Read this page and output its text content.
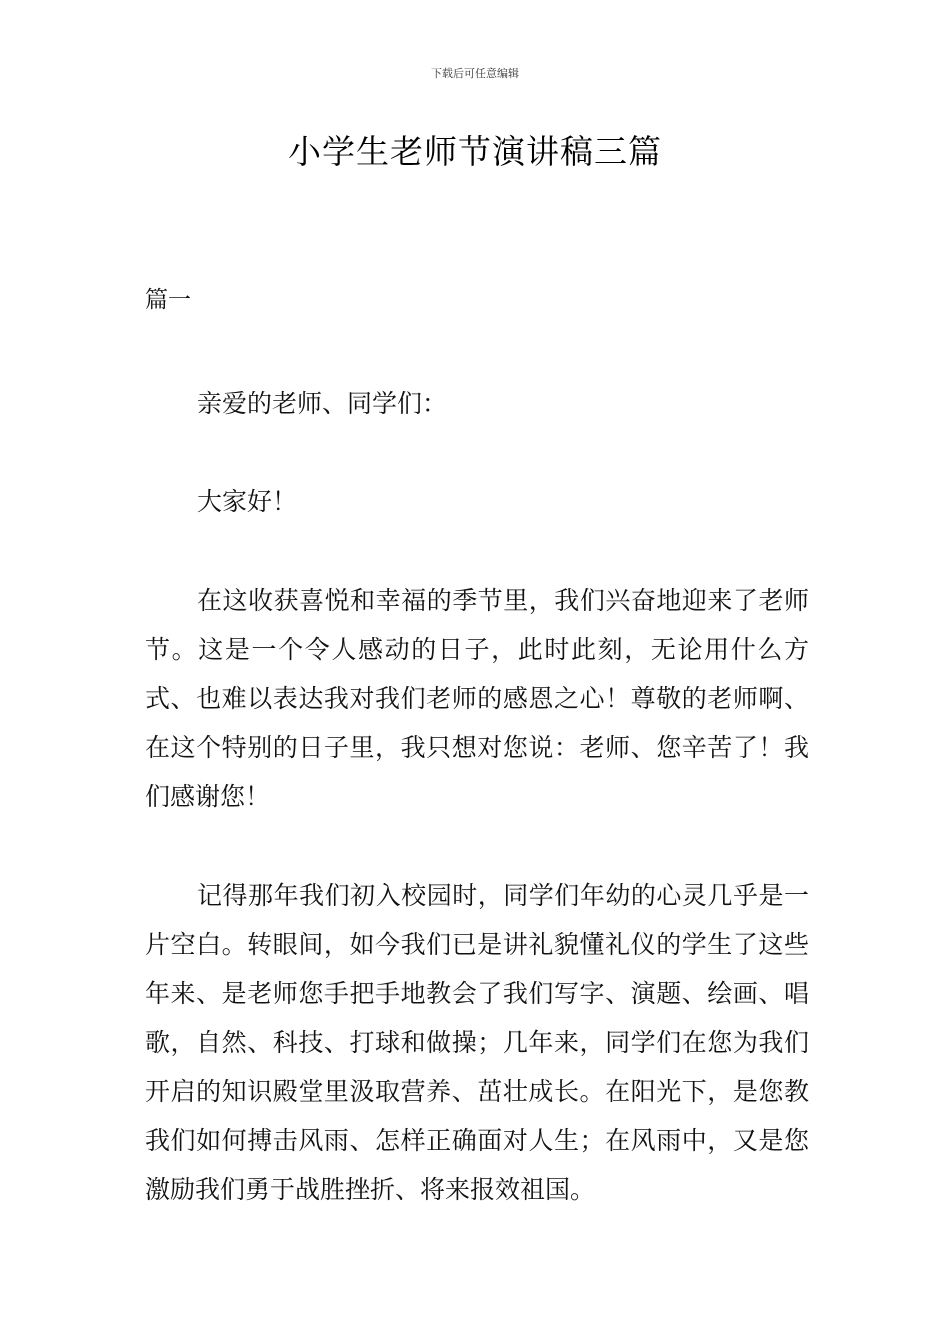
下载后可任意编辑
小学生老师节演讲稿三篇
篇一

亲爱的老师、同学们：

大家好！

在这收获喜悦和幸福的季节里，我们兴奋地迎来了老师节。这是一个令人感动的日子，此时此刻，无论用什么方式、也难以表达我对我们老师的感恩之心！尊敬的老师啊、在这个特别的日子里，我只想对您说：老师、您辛苦了！我们感谢您！

记得那年我们初入校园时，同学们年幼的心灵几乎是一片空白。转眼间，如今我们已是讲礼貌懂礼仪的学生了这些年来、是老师您手把手地教会了我们写字、演题、绘画、唱歌，自然、科技、打球和做操；几年来，同学们在您为我们开启的知识殿堂里汲取营养、茁壮成长。在阳光下，是您教我们如何搏击风雨、怎样正确面对人生；在风雨中，又是您激励我们勇于战胜挫折、将来报效祖国。
